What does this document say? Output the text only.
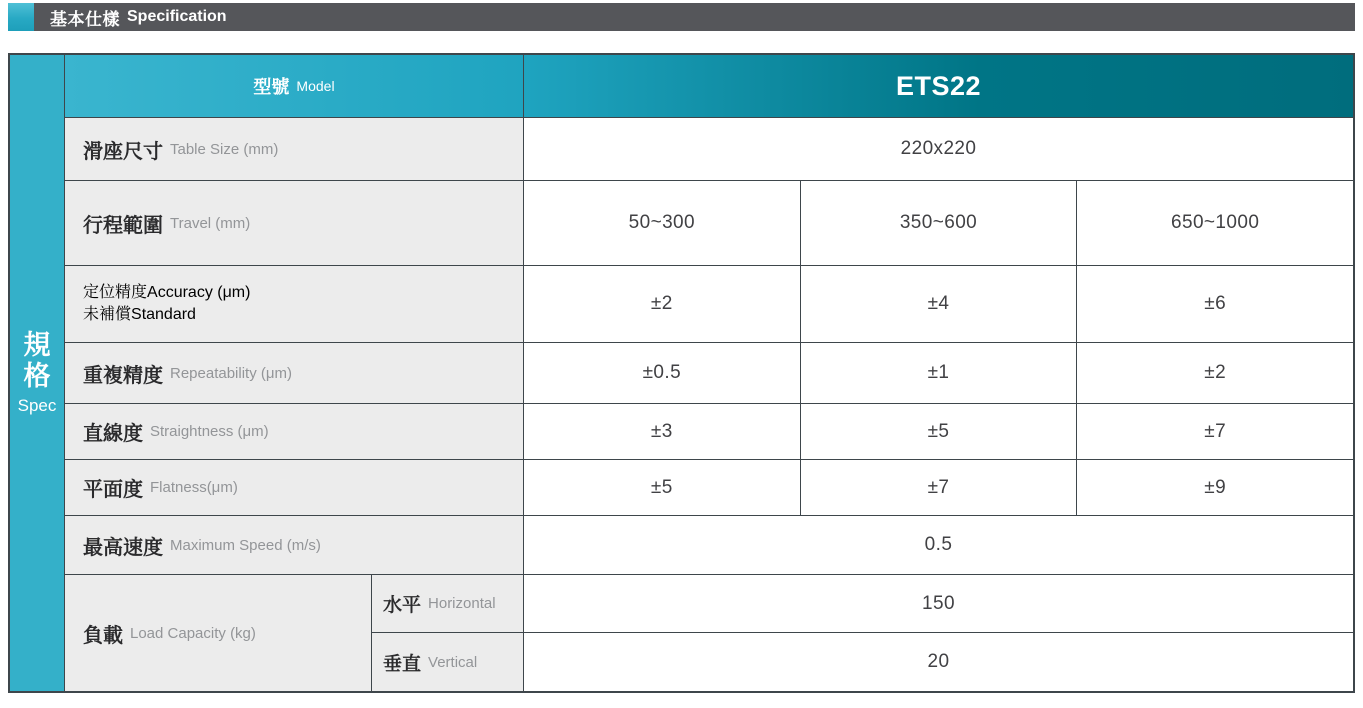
基本仕樣 Specification
規
格
Spec
型號 Model	ETS22
滑座尺寸 Table Size (mm)	220x220
行程範圍 Travel (mm)	50~300	350~600	650~1000
定位精度 Accuracy (μm)
未補償 Standard
±2	±4	±6
重複精度 Repeatability (μm)	±0.5	±1	±2
直線度 Straightness (μm)	±3	±5	±7
平面度 Flatness(μm)	±5	±7	±9
最高速度 Maximum Speed (m/s)	0.5
負載 Load Capacity (kg)
水平 Horizontal	150
垂直 Vertical	20
